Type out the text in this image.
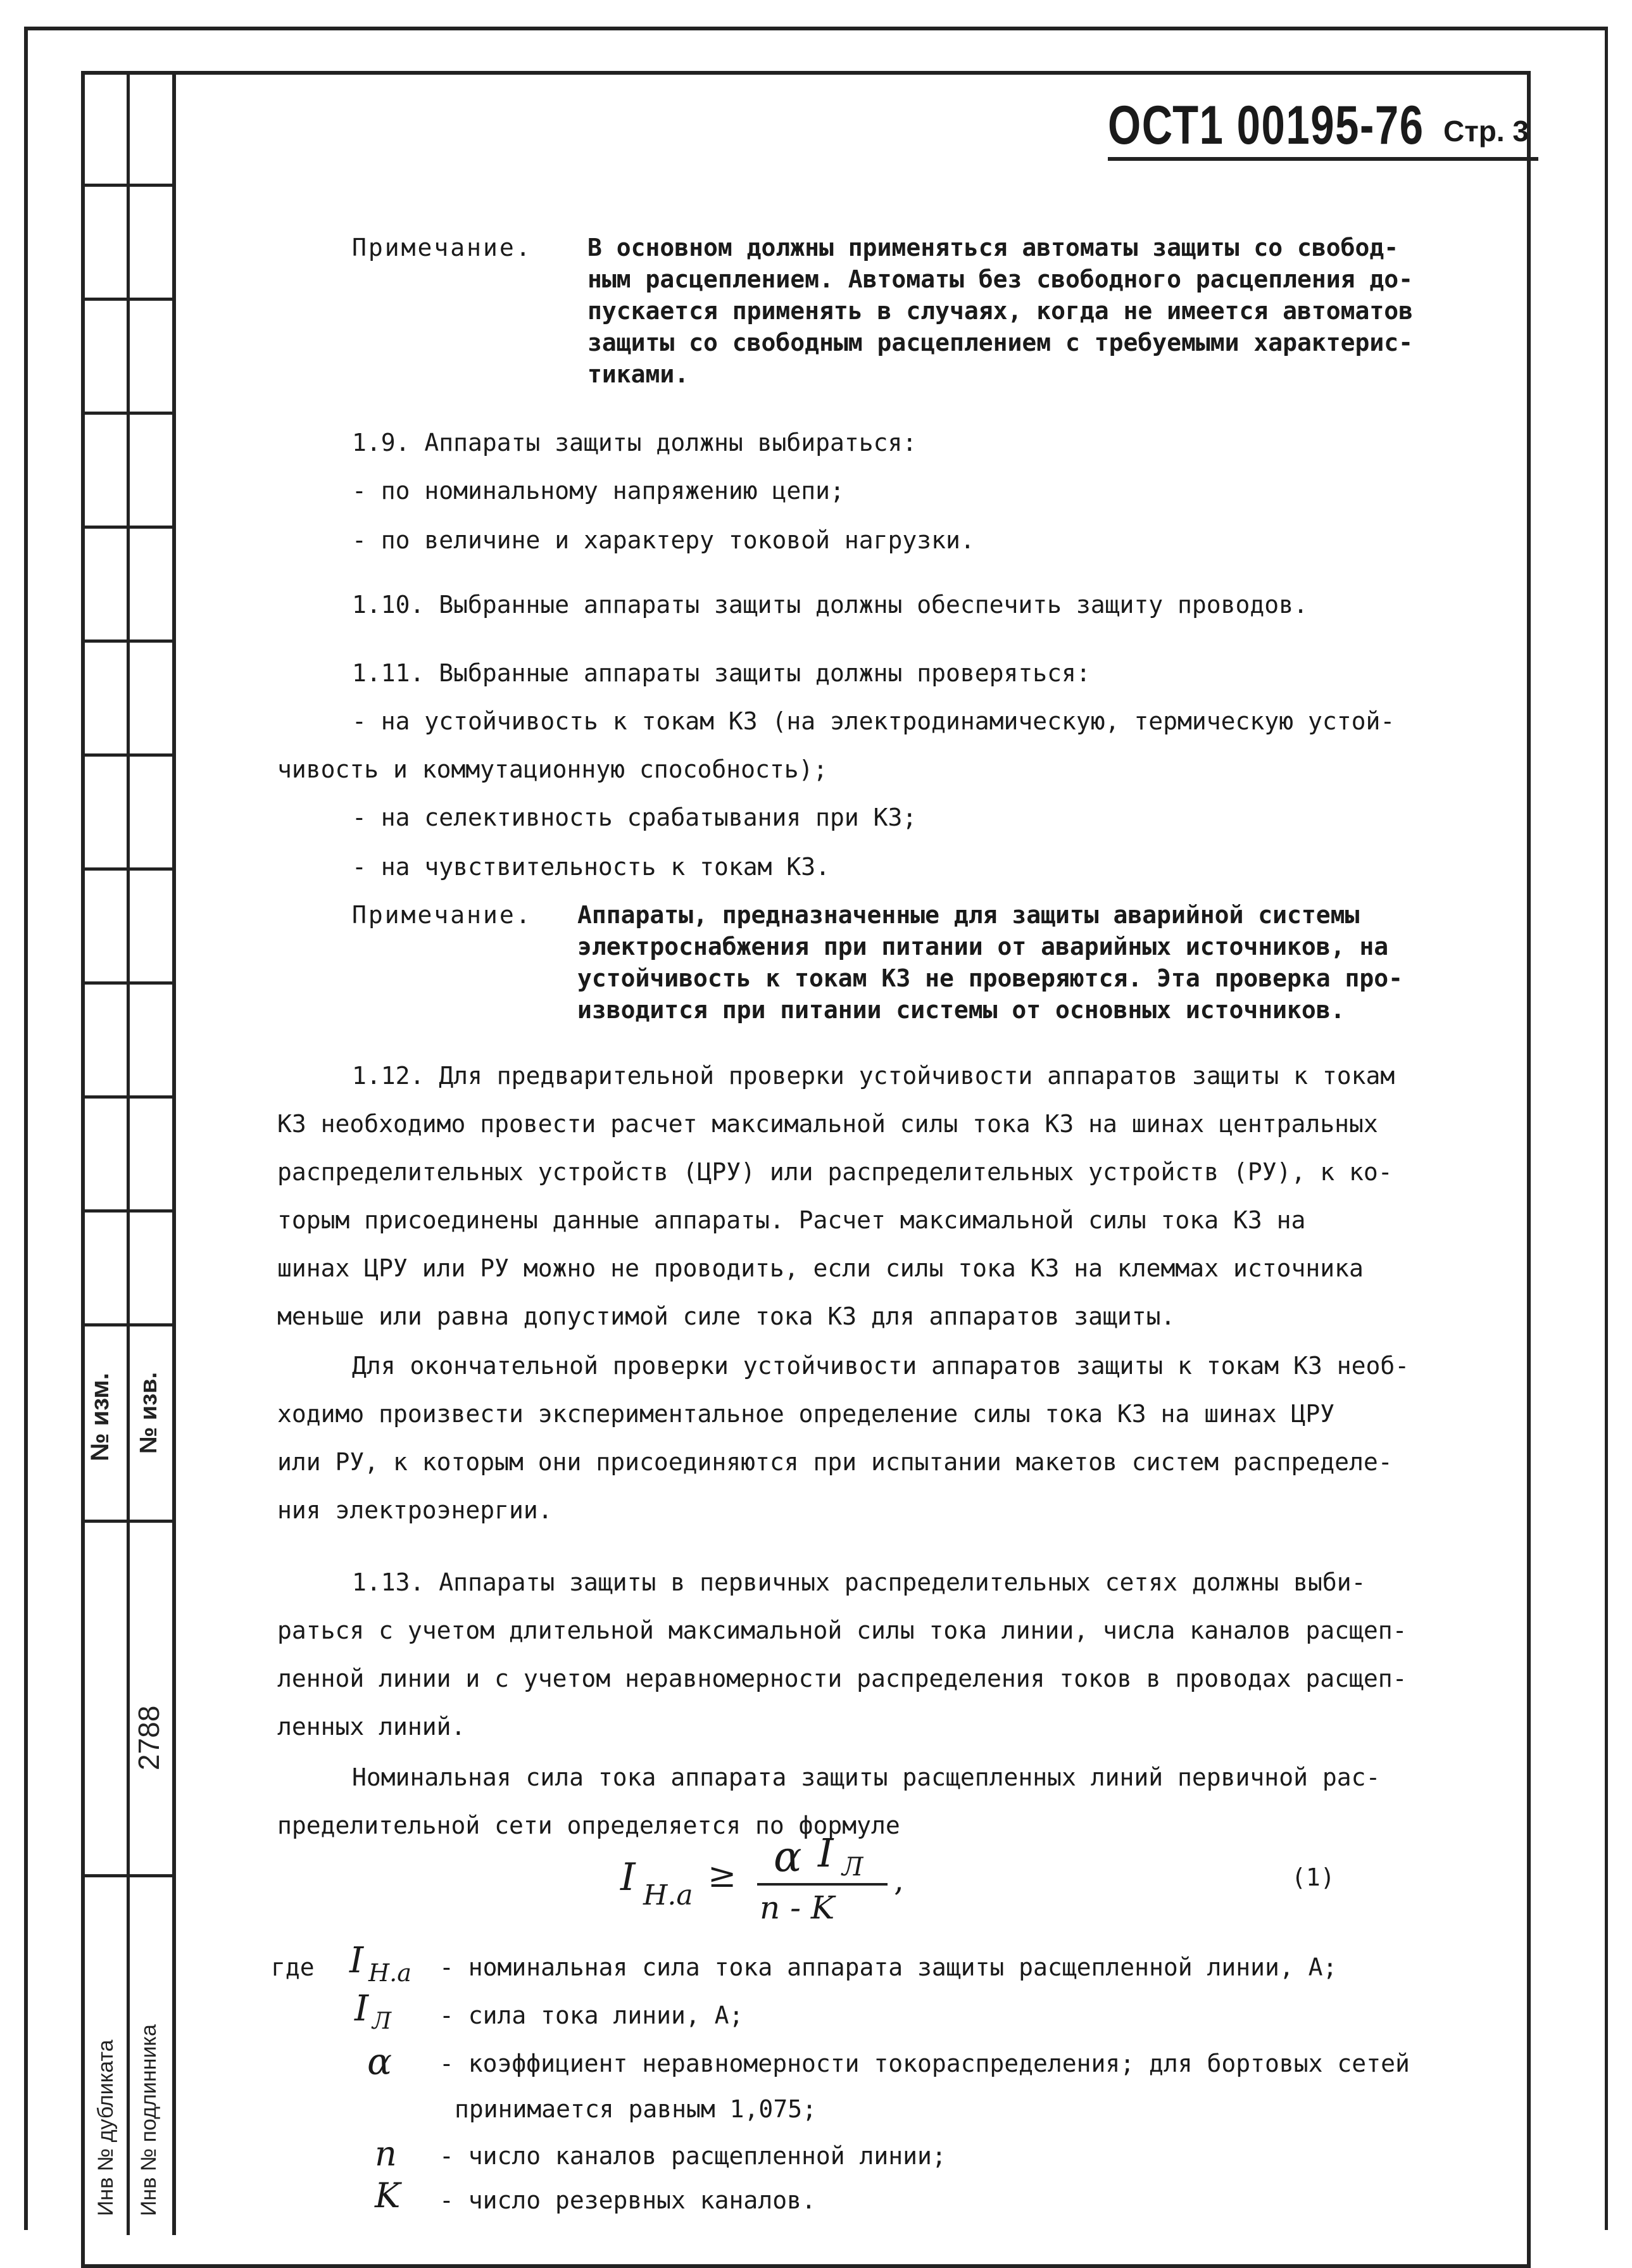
№ изм. № изв.
2788
Инв № дубликата Инв № подлинника
ОСТ1 00195-76 Стр. 3
Примечание. В основном должны применяться автоматы защиты со свобод-
ным расцеплением. Автоматы без свободного расцепления до-
пускается применять в случаях, когда не имеется автоматов
защиты со свободным расцеплением с требуемыми характерис-
тиками.
1.9. Аппараты защиты должны выбираться:
- по номинальному напряжению цепи;
- по величине и характеру токовой нагрузки.
1.10. Выбранные аппараты защиты должны обеспечить защиту проводов.
1.11. Выбранные аппараты защиты должны проверяться:
- на устойчивость к токам КЗ (на электродинамическую, термическую устой-
чивость и коммутационную способность);
- на селективность срабатывания при КЗ;
- на чувствительность к токам КЗ.
Примечание. Аппараты, предназначенные для защиты аварийной системы
электроснабжения при питании от аварийных источников, на
устойчивость к токам КЗ не проверяются. Эта проверка про-
изводится при питании системы от основных источников.
1.12. Для предварительной проверки устойчивости аппаратов защиты к токам
КЗ необходимо провести расчет максимальной силы тока КЗ на шинах центральных
распределительных устройств (ЦРУ) или распределительных устройств (РУ), к ко-
торым присоединены данные аппараты. Расчет максимальной силы тока КЗ на
шинах ЦРУ или РУ можно не проводить, если силы тока КЗ на клеммах источника
меньше или равна допустимой силе тока КЗ для аппаратов защиты.
Для окончательной проверки устойчивости аппаратов защиты к токам КЗ необ-
ходимо произвести экспериментальное определение силы тока КЗ на шинах ЦРУ
или РУ, к которым они присоединяются при испытании макетов систем распределе-
ния электроэнергии.
1.13. Аппараты защиты в первичных распределительных сетях должны выби-
раться с учетом длительной максимальной силы тока линии, числа каналов расщеп-
ленной линии и с учетом неравномерности распределения токов в проводах расщеп-
ленных линий.
Номинальная сила тока аппарата защиты расщепленных линий первичной рас-
пределительной сети определяется по формуле
I Н.а
≥ α I Л
n - K
,	(1)
где I Н.а - номинальная сила тока аппарата защиты расщепленной линии, А;
I Л - сила тока линии, А;
α - коэффициент неравномерности токораспределения; для бортовых сетей
принимается равным 1,075;
n - число каналов расщепленной линии;
K - число резервных каналов.
